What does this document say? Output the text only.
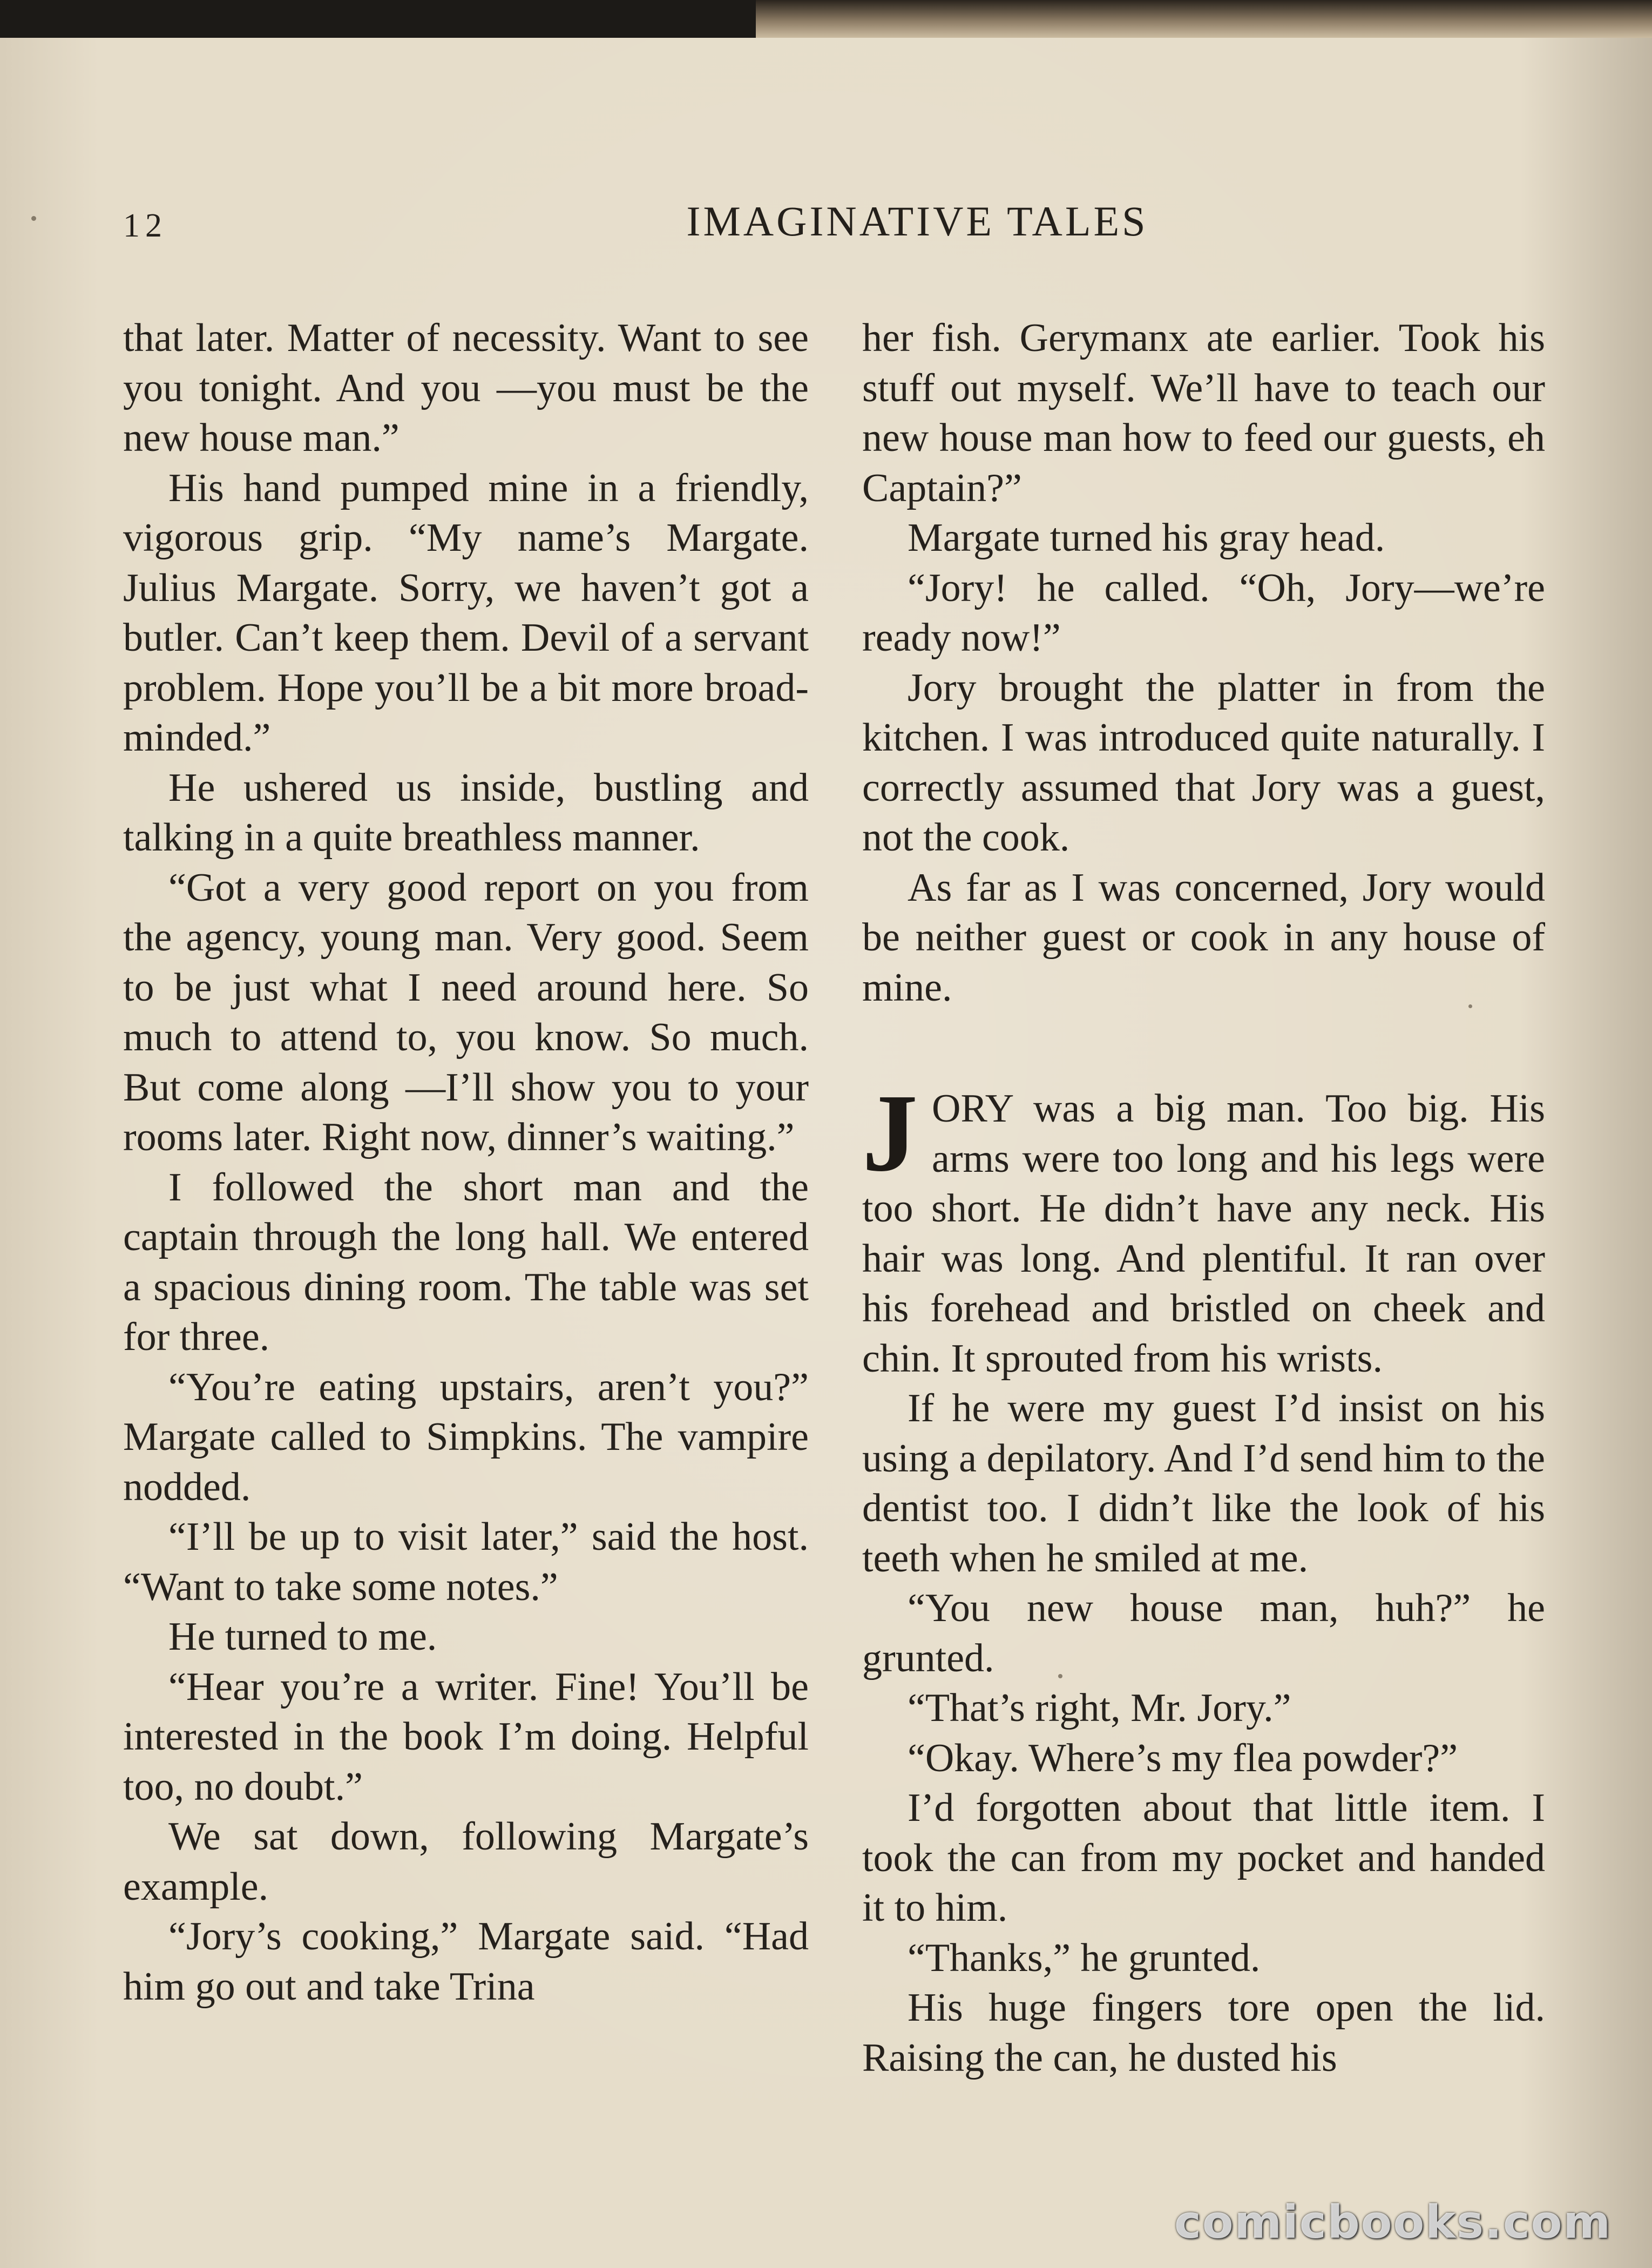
12	IMAGINATIVE TALES

that later. Matter of necessity. Want to see you tonight. And you —you must be the new house man.”

His hand pumped mine in a friendly, vigorous grip. “My name’s Margate. Julius Margate. Sorry, we haven’t got a butler. Can’t keep them. Devil of a servant problem. Hope you’ll be a bit more broad-minded.”

He ushered us inside, bustling and talking in a quite breathless manner.

“Got a very good report on you from the agency, young man. Very good. Seem to be just what I need around here. So much to attend to, you know. So much. But come along —I’ll show you to your rooms later. Right now, dinner’s waiting.”

I followed the short man and the captain through the long hall. We entered a spacious dining room. The table was set for three.

“You’re eating upstairs, aren’t you?” Margate called to Simpkins. The vampire nodded.

“I’ll be up to visit later,” said the host. “Want to take some notes.”

He turned to me.

“Hear you’re a writer. Fine! You’ll be interested in the book I’m doing. Helpful too, no doubt.”

We sat down, following Margate’s example.

“Jory’s cooking,” Margate said. “Had him go out and take Trina

her fish. Gerymanx ate earlier. Took his stuff out myself. We’ll have to teach our new house man how to feed our guests, eh Captain?”

Margate turned his gray head.

“Jory! he called. “Oh, Jory—we’re ready now!”

Jory brought the platter in from the kitchen. I was introduced quite naturally. I correctly assumed that Jory was a guest, not the cook.

As far as I was concerned, Jory would be neither guest or cook in any house of mine.

JORY was a big man. Too big. His arms were too long and his legs were too short. He didn’t have any neck. His hair was long. And plentiful. It ran over his forehead and bristled on cheek and chin. It sprouted from his wrists.

If he were my guest I’d insist on his using a depilatory. And I’d send him to the dentist too. I didn’t like the look of his teeth when he smiled at me.

“You new house man, huh?” he grunted.

“That’s right, Mr. Jory.”

“Okay. Where’s my flea powder?”

I’d forgotten about that little item. I took the can from my pocket and handed it to him.

“Thanks,” he grunted.

His huge fingers tore open the lid. Raising the can, he dusted his

comicbooks.com
